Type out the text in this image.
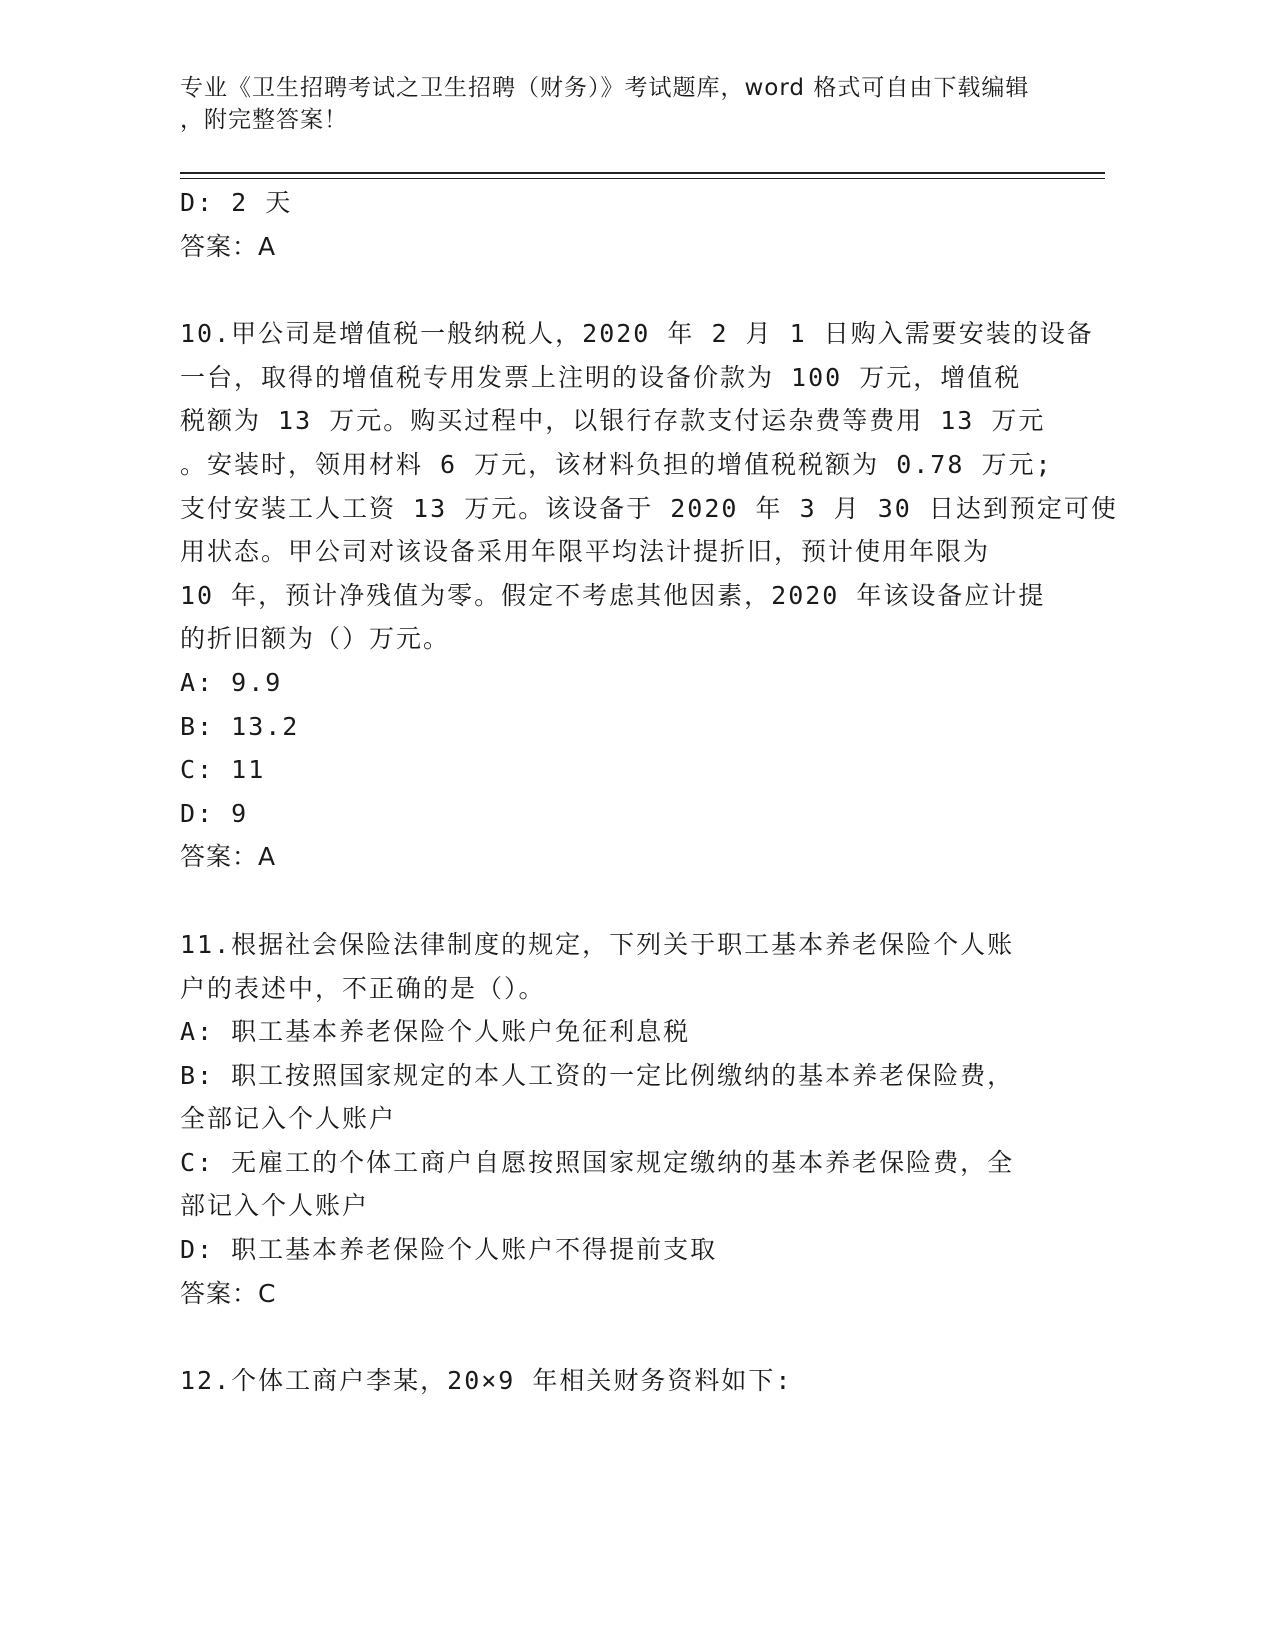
专业《卫生招聘考试之卫生招聘（财务）》考试题库，word 格式可自由下载编辑
，附完整答案！
D: 2 天
答案：A
10.甲公司是增值税一般纳税人，2020 年 2 月 1 日购入需要安装的设备
一台，取得的增值税专用发票上注明的设备价款为 100 万元，增值税
税额为 13 万元。购买过程中，以银行存款支付运杂费等费用 13 万元
。安装时，领用材料 6 万元，该材料负担的增值税税额为 0.78 万元;
支付安装工人工资 13 万元。该设备于 2020 年 3 月 30 日达到预定可使
用状态。甲公司对该设备采用年限平均法计提折旧，预计使用年限为
10 年，预计净残值为零。假定不考虑其他因素，2020 年该设备应计提
的折旧额为（）万元。
A: 9.9
B: 13.2
C: 11
D: 9
答案：A
11.根据社会保险法律制度的规定，下列关于职工基本养老保险个人账
户的表述中，不正确的是（）。
A: 职工基本养老保险个人账户免征利息税
B: 职工按照国家规定的本人工资的一定比例缴纳的基本养老保险费，
全部记入个人账户
C: 无雇工的个体工商户自愿按照国家规定缴纳的基本养老保险费，全
部记入个人账户
D: 职工基本养老保险个人账户不得提前支取
答案：C
12.个体工商户李某，20×9 年相关财务资料如下:
